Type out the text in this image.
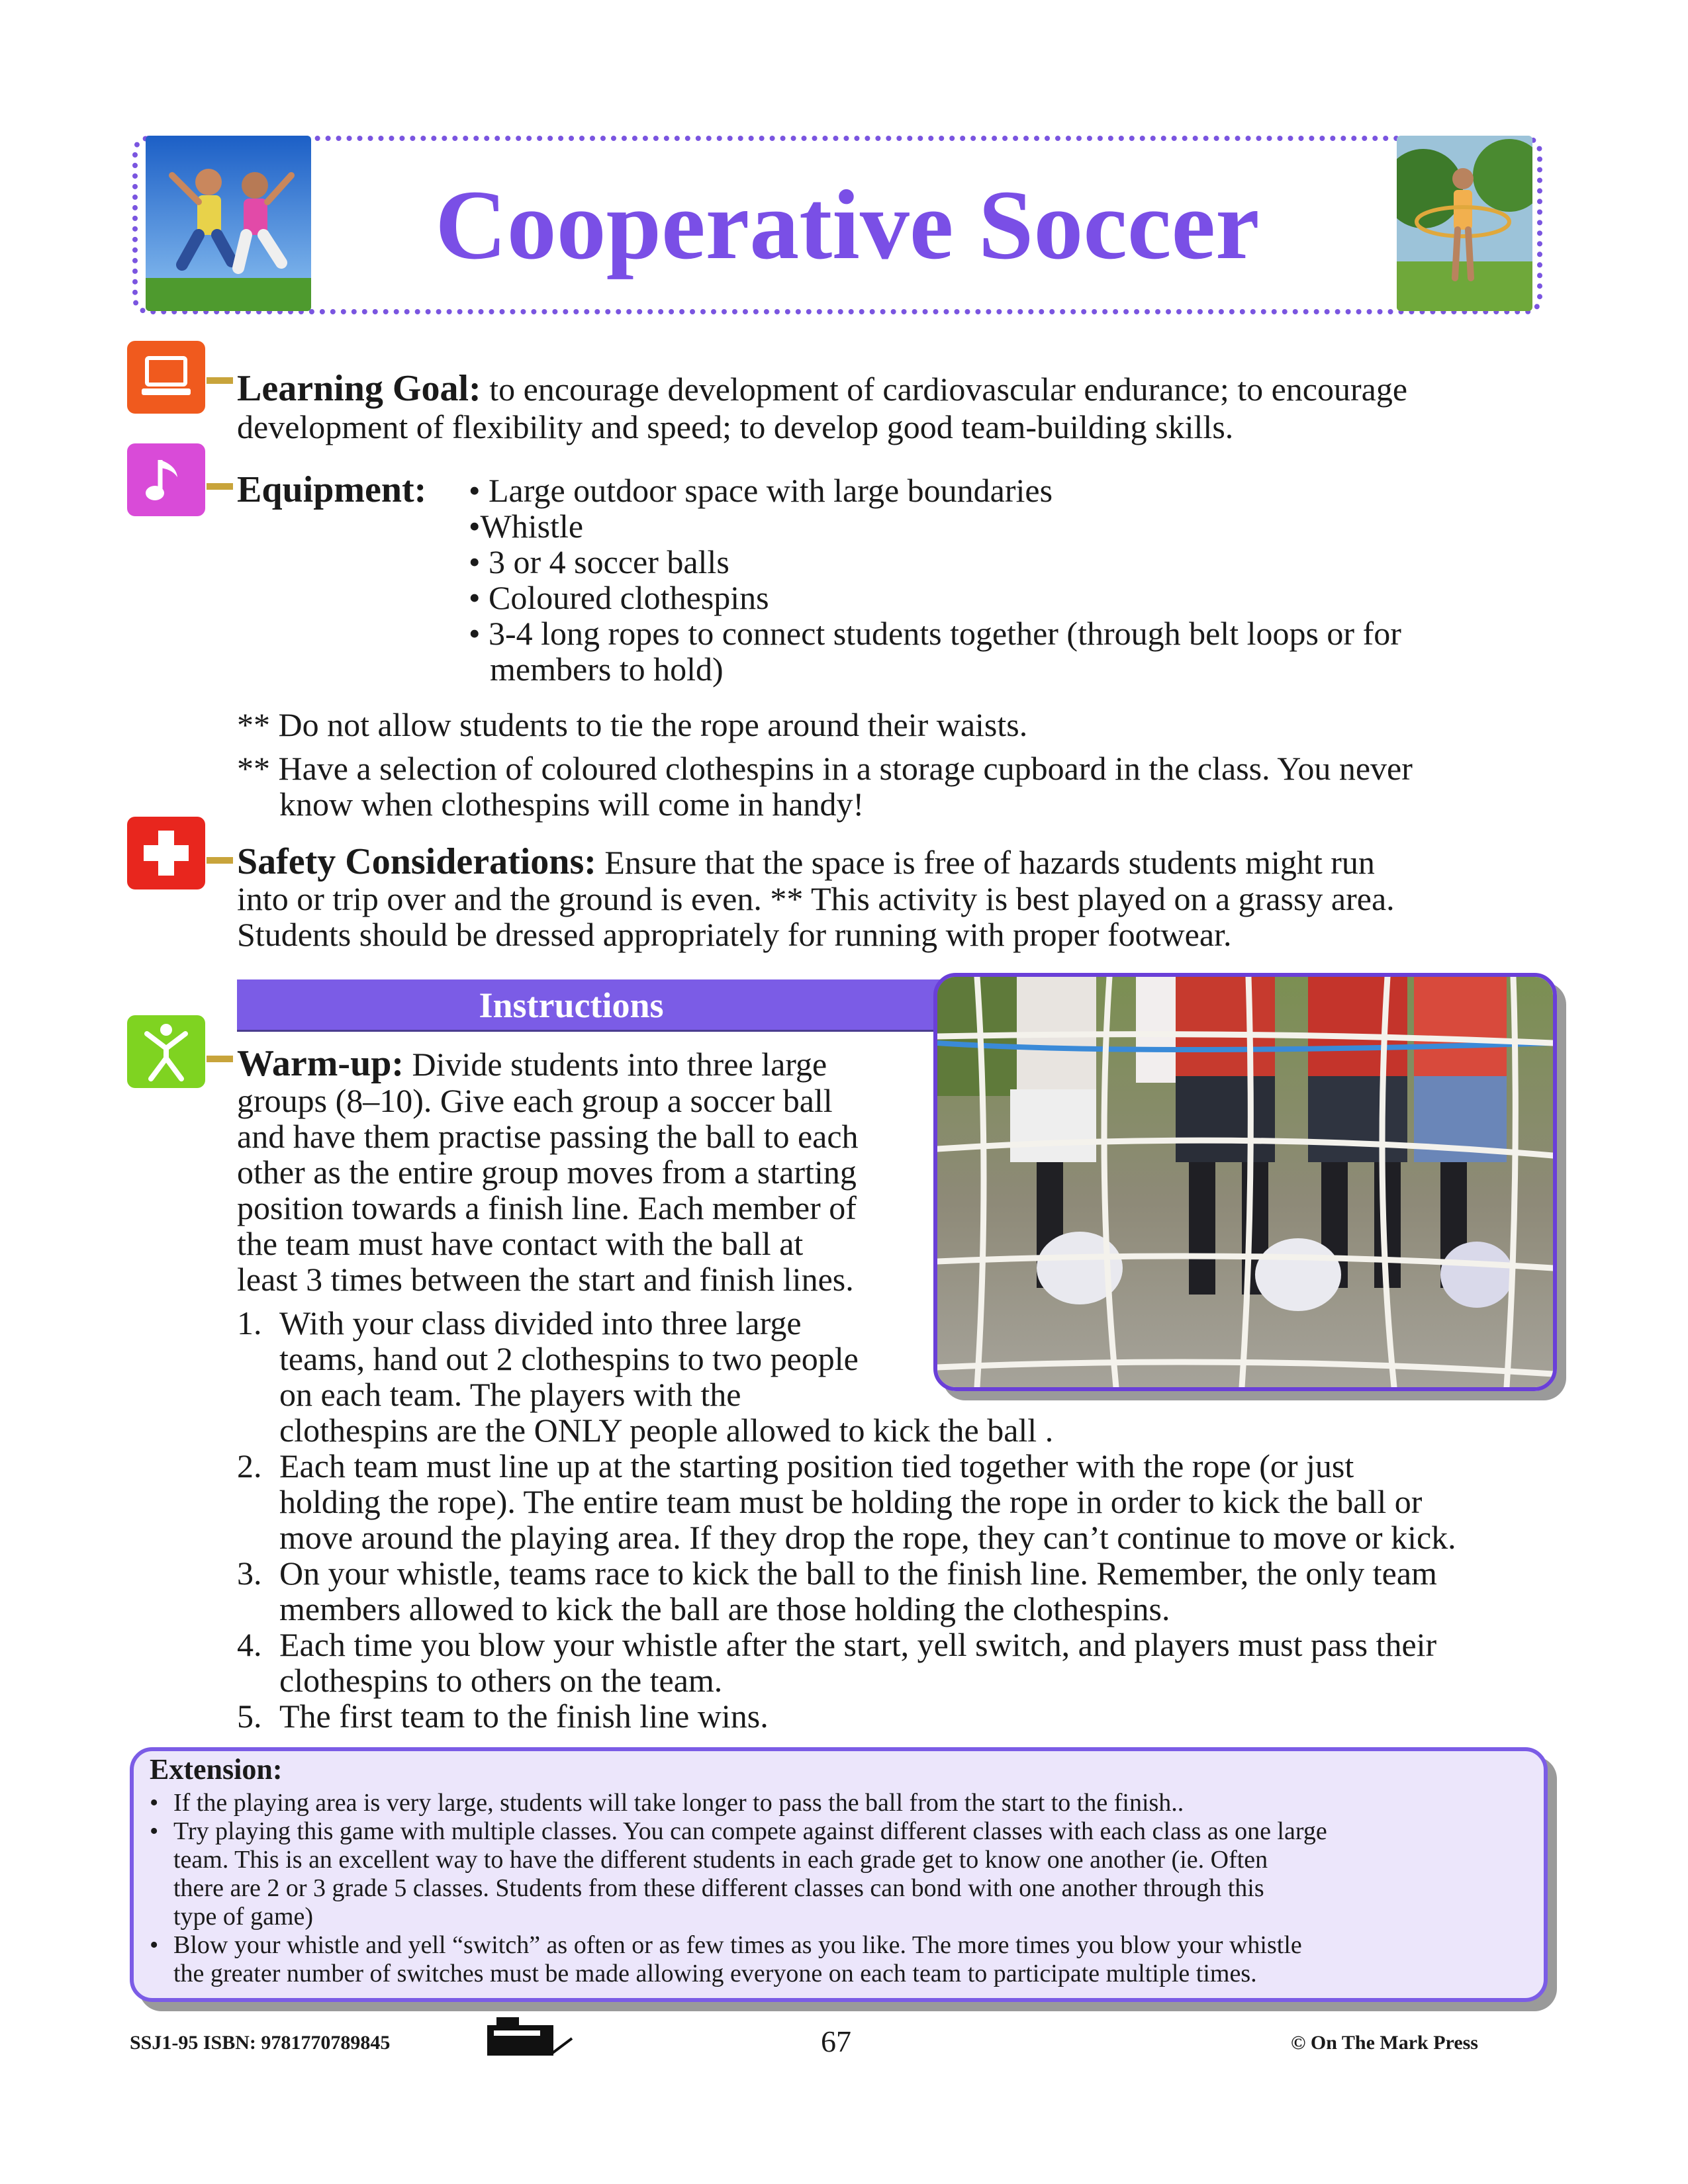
Cooperative Soccer
Learning Goal: to encourage development of cardiovascular endurance; to encourage
development of flexibility and speed; to develop good team-building skills.
Equipment: • Large outdoor space with large boundaries
•Whistle
• 3 or 4 soccer balls
• Coloured clothespins
• 3-4 long ropes to connect students together (through belt loops or for
members to hold)
** Do not allow students to tie the rope around their waists.
** Have a selection of coloured clothespins in a storage cupboard in the class. You never
know when clothespins will come in handy!
Safety Considerations: Ensure that the space is free of hazards students might run
into or trip over and the ground is even. ** This activity is best played on a grassy area.
Students should be dressed appropriately for running with proper footwear.
Instructions
Warm-up: Divide students into three large
groups (8–10). Give each group a soccer ball
and have them practise passing the ball to each
other as the entire group moves from a starting
position towards a finish line. Each member of
the team must have contact with the ball at
least 3 times between the start and finish lines.
1. With your class divided into three large
teams, hand out 2 clothespins to two people
on each team. The players with the
clothespins are the ONLY people allowed to kick the ball .
2. Each team must line up at the starting position tied together with the rope (or just
holding the rope). The entire team must be holding the rope in order to kick the ball or
move around the playing area. If they drop the rope, they can’t continue to move or kick.
3. On your whistle, teams race to kick the ball to the finish line. Remember, the only team
members allowed to kick the ball are those holding the clothespins.
4. Each time you blow your whistle after the start, yell switch, and players must pass their
clothespins to others on the team.
5. The first team to the finish line wins.
Extension:
• If the playing area is very large, students will take longer to pass the ball from the start to the finish..
• Try playing this game with multiple classes. You can compete against different classes with each class as one large
team. This is an excellent way to have the different students in each grade get to know one another (ie. Often
there are 2 or 3 grade 5 classes. Students from these different classes can bond with one another through this
type of game)
• Blow your whistle and yell “switch” as often or as few times as you like. The more times you blow your whistle
the greater number of switches must be made allowing everyone on each team to participate multiple times.
SSJ1-95 ISBN: 9781770789845	67	© On The Mark Press
